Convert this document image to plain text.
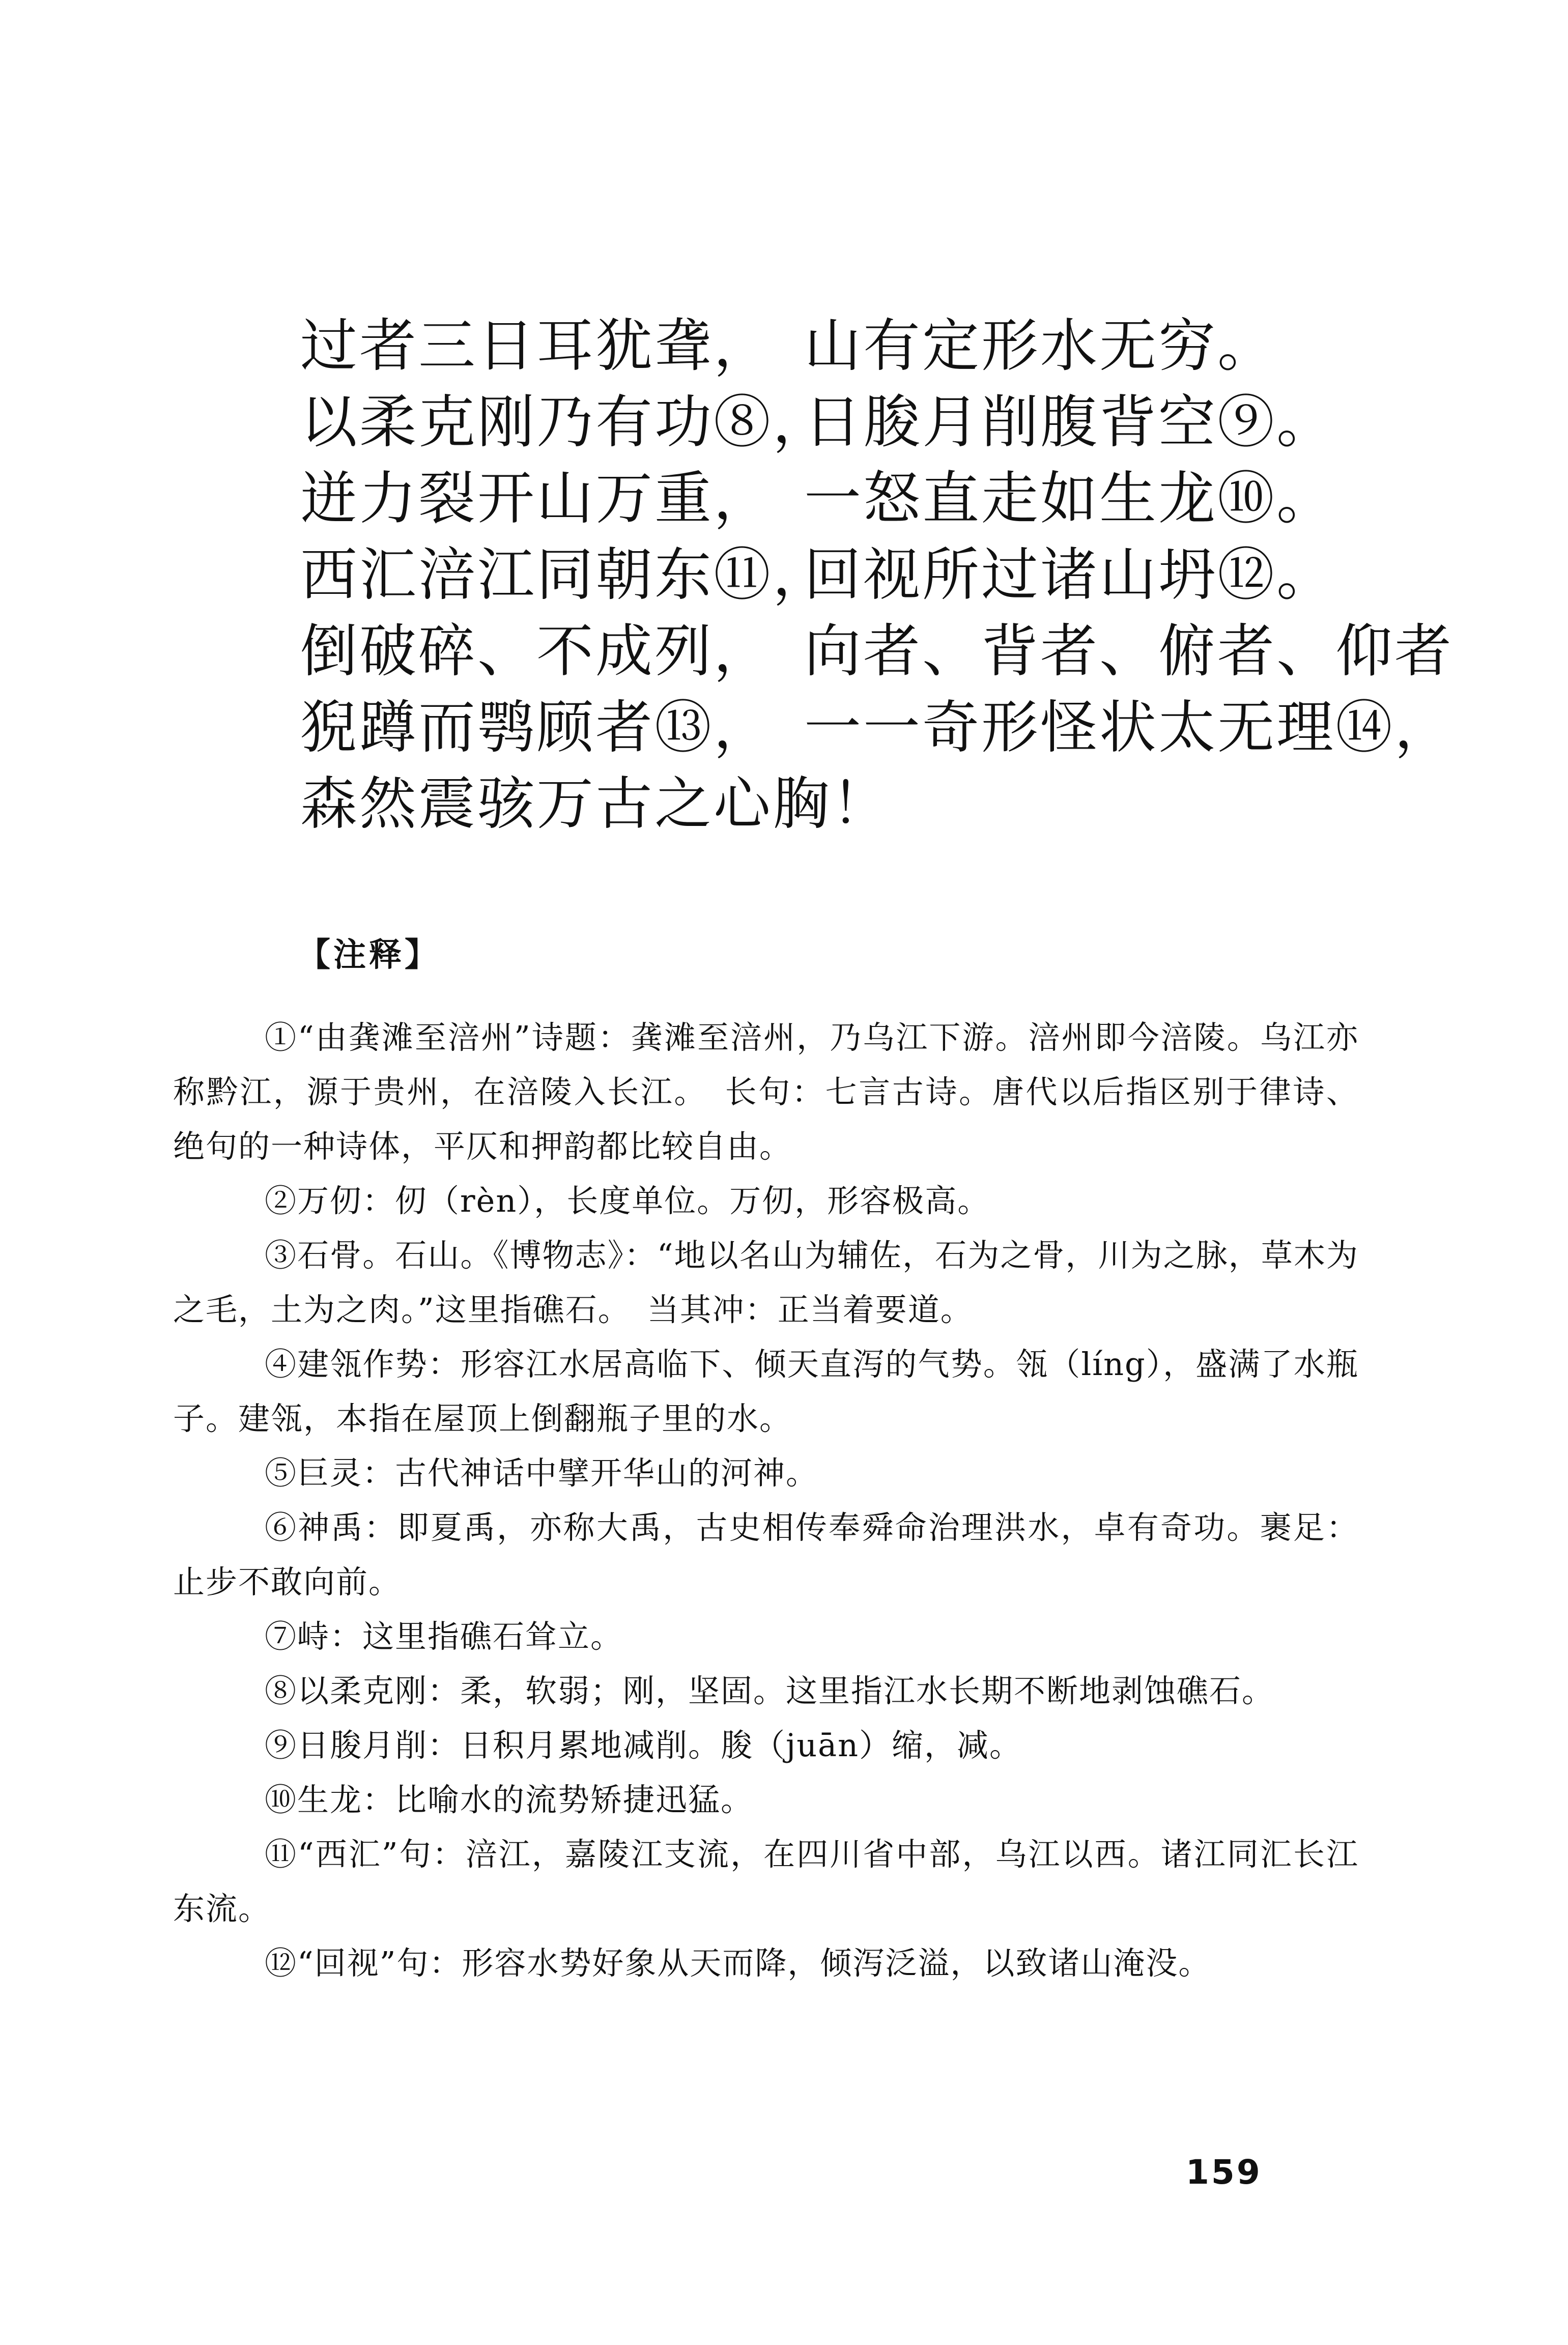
过者三日耳犹聋， 山有定形水无穷。
以柔克刚乃有功⑧，日朘月削腹背空⑨。
迸力裂开山万重， 一怒直走如生龙⑩。
西汇涪江同朝东⑪，回视所过诸山坍⑫。
倒破碎、不成列， 向者、背者、俯者、仰者
猊蹲而鹗顾者⑬， 一一奇形怪状太无理⑭，
森然震骇万古之心胸！
【注释】

①“由龚滩至涪州”诗题：龚滩至涪州，乃乌江下游。涪州即今涪陵。乌江亦称黔江，源于贵州，在涪陵入长江。　长句：七言古诗。唐代以后指区别于律诗、绝句的一种诗体，平仄和押韵都比较自由。

②万仞：仞（rèn），长度单位。万仞，形容极高。

③石骨。石山。《博物志》：“地以名山为辅佐，石为之骨，川为之脉，草木为之毛，土为之肉。”这里指礁石。　当其冲：正当着要道。

④建瓴作势：形容江水居高临下、倾天直泻的气势。瓴（líng），盛满了水瓶子。建瓴，本指在屋顶上倒翻瓶子里的水。

⑤巨灵：古代神话中擘开华山的河神。

⑥神禹：即夏禹，亦称大禹，古史相传奉舜命治理洪水，卓有奇功。裹足：止步不敢向前。

⑦峙：这里指礁石耸立。

⑧以柔克刚：柔，软弱；刚，坚固。这里指江水长期不断地剥蚀礁石。

⑨日朘月削：日积月累地减削。朘（juān）缩，减。

⑩生龙：比喻水的流势矫捷迅猛。

⑪“西汇”句：涪江，嘉陵江支流，在四川省中部，乌江以西。诸江同汇长江东流。

⑫“回视”句：形容水势好象从天而降，倾泻泛溢，以致诸山淹没。

159
